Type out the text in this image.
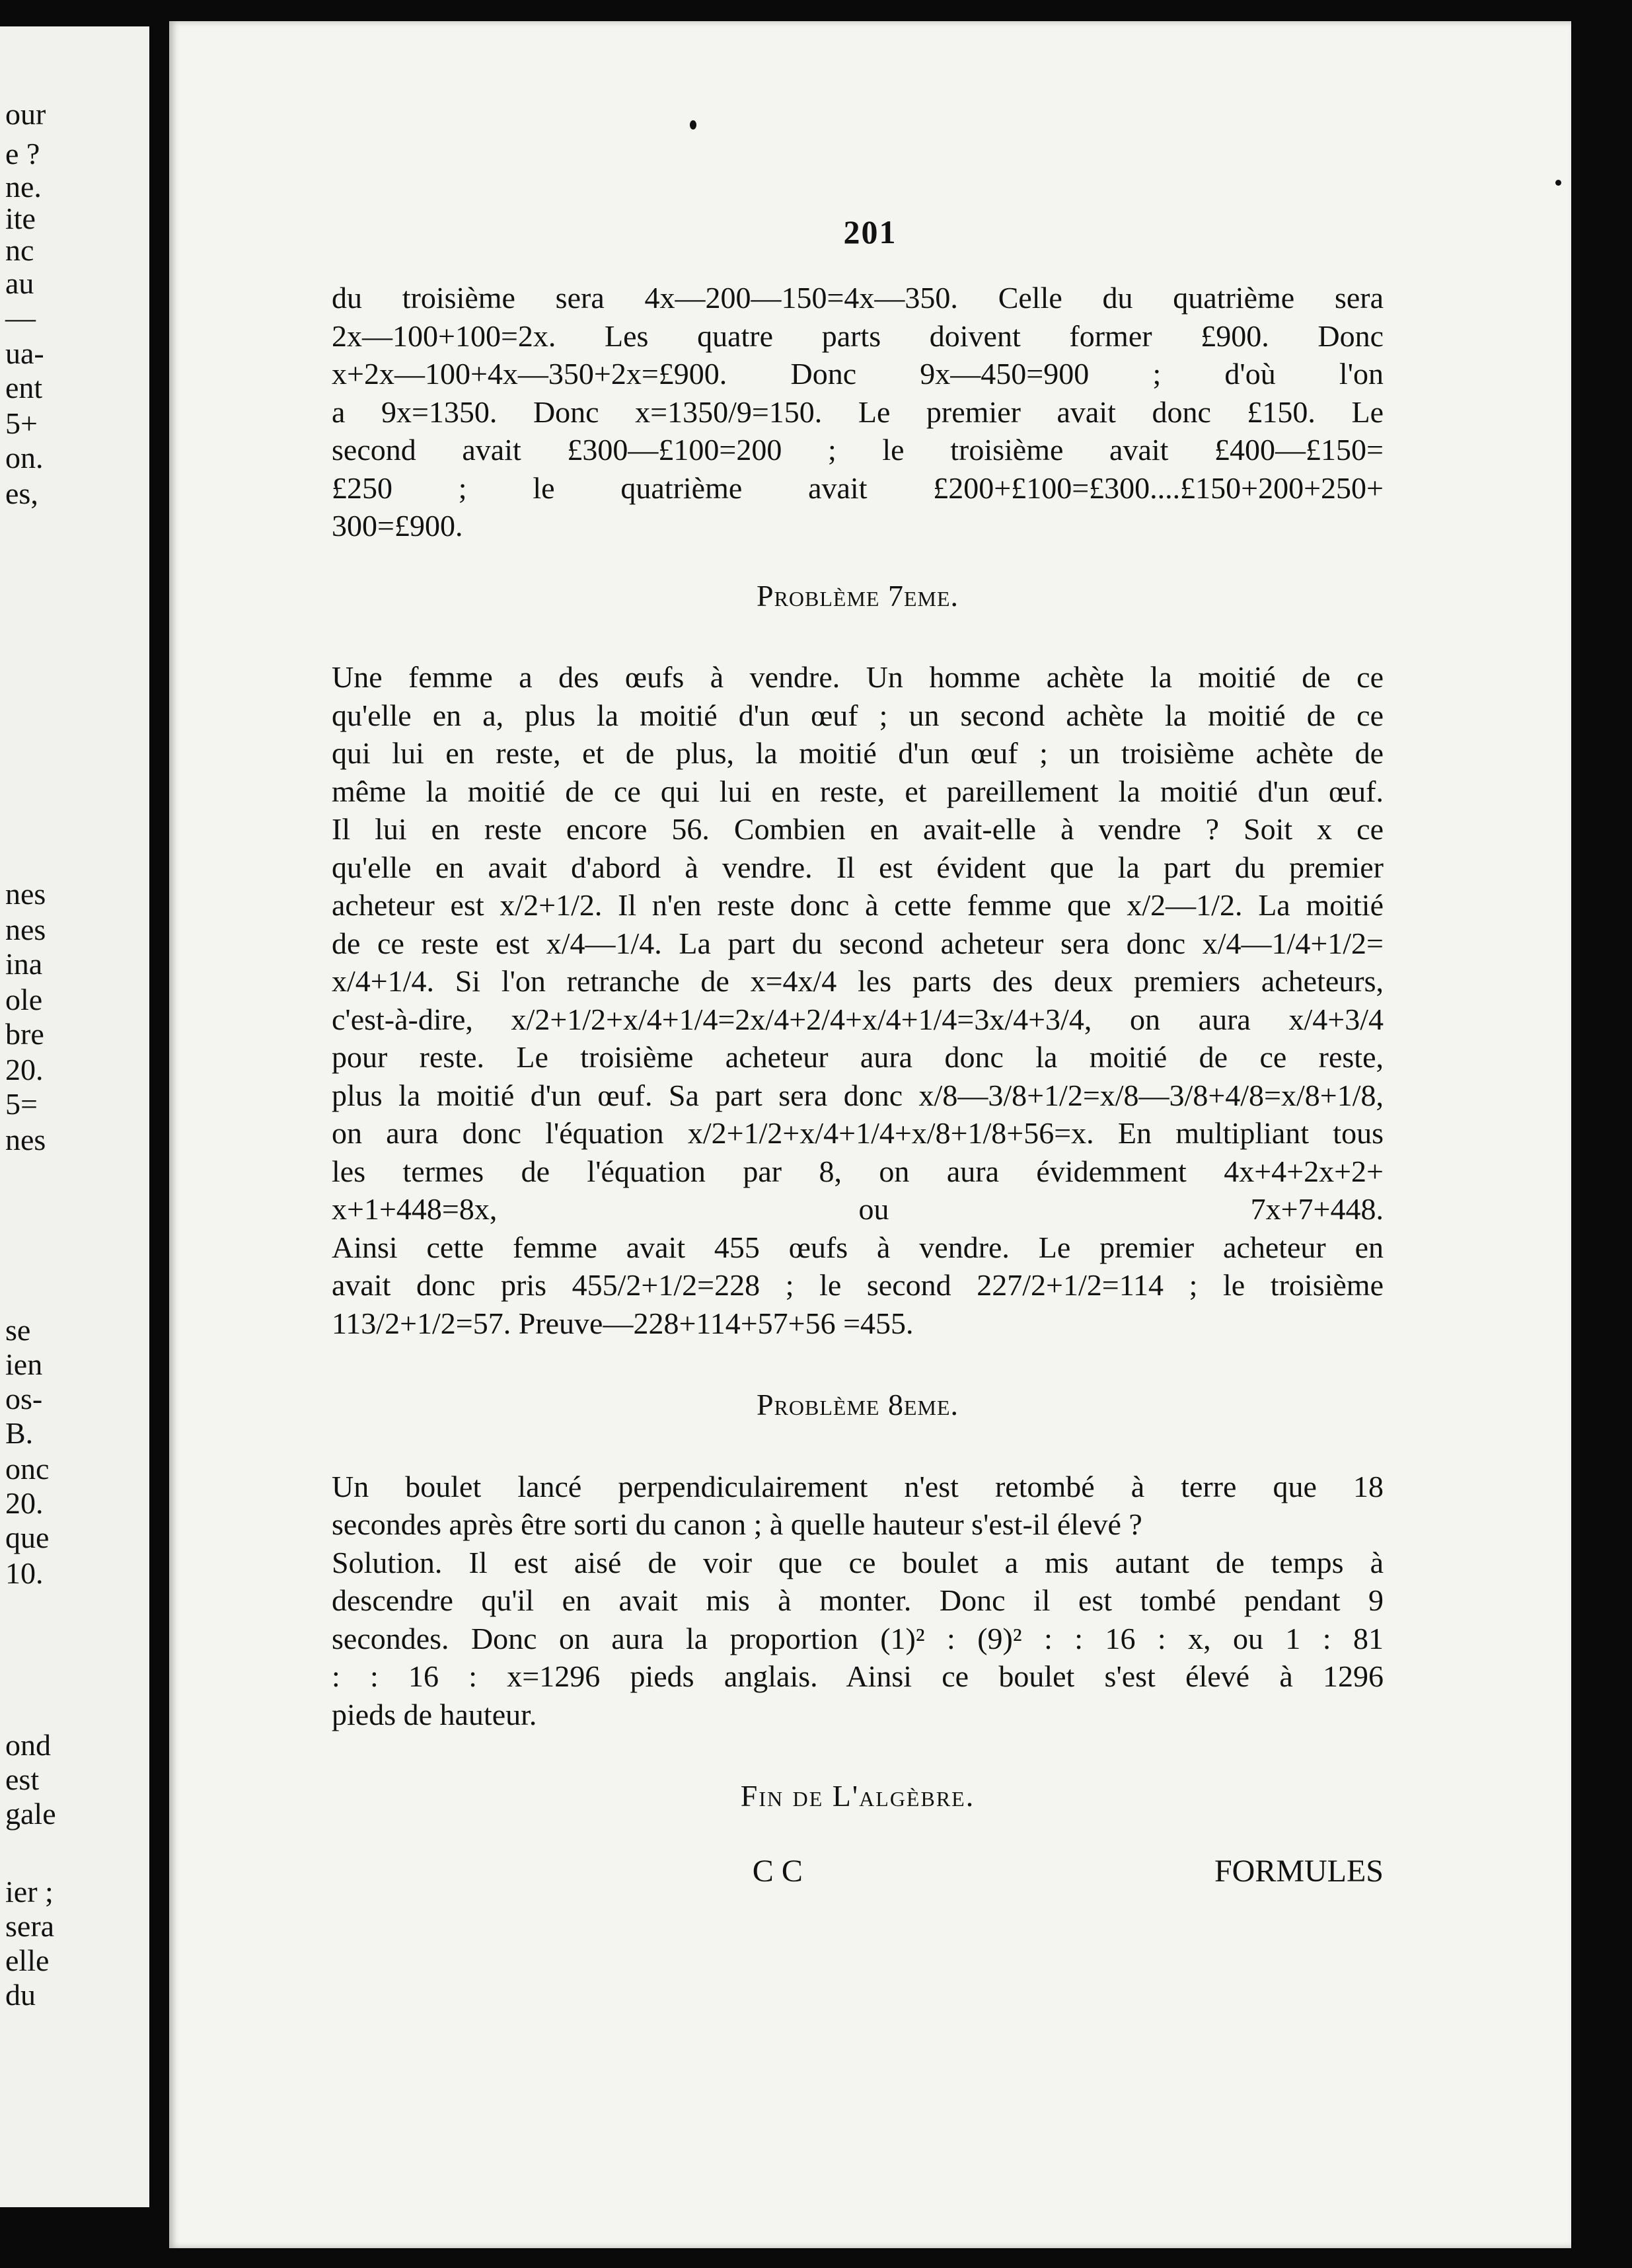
our
e ?
ne.
ite
nc
au
—
ua-
ent
5+
on.
es,
nes
nes
ina
ole
bre
20.
5=
nes
se
ien
os-
B.
onc
20.
que
10.
ond
est
gale
ier ;
sera
elle
du
201
du troisième sera 4x—200—150=4x—350. Celle du quatrième sera
2x—100+100=2x. Les quatre parts doivent former £900. Donc
x+2x—100+4x—350+2x=£900. Donc 9x—450=900 ; d'où l'on
a 9x=1350. Donc x=1350/9=150. Le premier avait donc £150. Le
second avait £300—£100=200 ; le troisième avait £400—£150=
£250 ; le quatrième avait £200+£100=£300....£150+200+250+
300=£900.
Problème 7eme.
Une femme a des œufs à vendre. Un homme achète la moitié de ce
qu'elle en a, plus la moitié d'un œuf ; un second achète la moitié de ce
qui lui en reste, et de plus, la moitié d'un œuf ; un troisième achète de
même la moitié de ce qui lui en reste, et pareillement la moitié d'un œuf.
Il lui en reste encore 56. Combien en avait-elle à vendre ? Soit x ce
qu'elle en avait d'abord à vendre. Il est évident que la part du premier
acheteur est x/2+1/2. Il n'en reste donc à cette femme que x/2—1/2. La moitié
de ce reste est x/4—1/4. La part du second acheteur sera donc x/4—1/4+1/2=
x/4+1/4. Si l'on retranche de x=4x/4 les parts des deux premiers acheteurs,
c'est-à-dire, x/2+1/2+x/4+1/4=2x/4+2/4+x/4+1/4=3x/4+3/4, on aura x/4+3/4
pour reste. Le troisième acheteur aura donc la moitié de ce reste,
plus la moitié d'un œuf. Sa part sera donc x/8—3/8+1/2=x/8—3/8+4/8=x/8+1/8,
on aura donc l'équation x/2+1/2+x/4+1/4+x/8+1/8+56=x. En multipliant tous
les termes de l'équation par 8, on aura évidemment 4x+4+2x+2+
x+1+448=8x, ou 7x+7+448.
Ainsi cette femme avait 455 œufs à vendre. Le premier acheteur en
avait donc pris 455/2+1/2=228 ; le second 227/2+1/2=114 ; le troisième
113/2+1/2=57. Preuve—228+114+57+56 =455.
Problème 8eme.
Un boulet lancé perpendiculairement n'est retombé à terre que 18
secondes après être sorti du canon ; à quelle hauteur s'est-il élevé ?
Solution. Il est aisé de voir que ce boulet a mis autant de temps à
descendre qu'il en avait mis à monter. Donc il est tombé pendant 9
secondes. Donc on aura la proportion (1)² : (9)² : : 16 : x, ou 1 : 81
: : 16 : x=1296 pieds anglais. Ainsi ce boulet s'est élevé à 1296
pieds de hauteur.
Fin de L'algèbre.
C C	FORMULES
